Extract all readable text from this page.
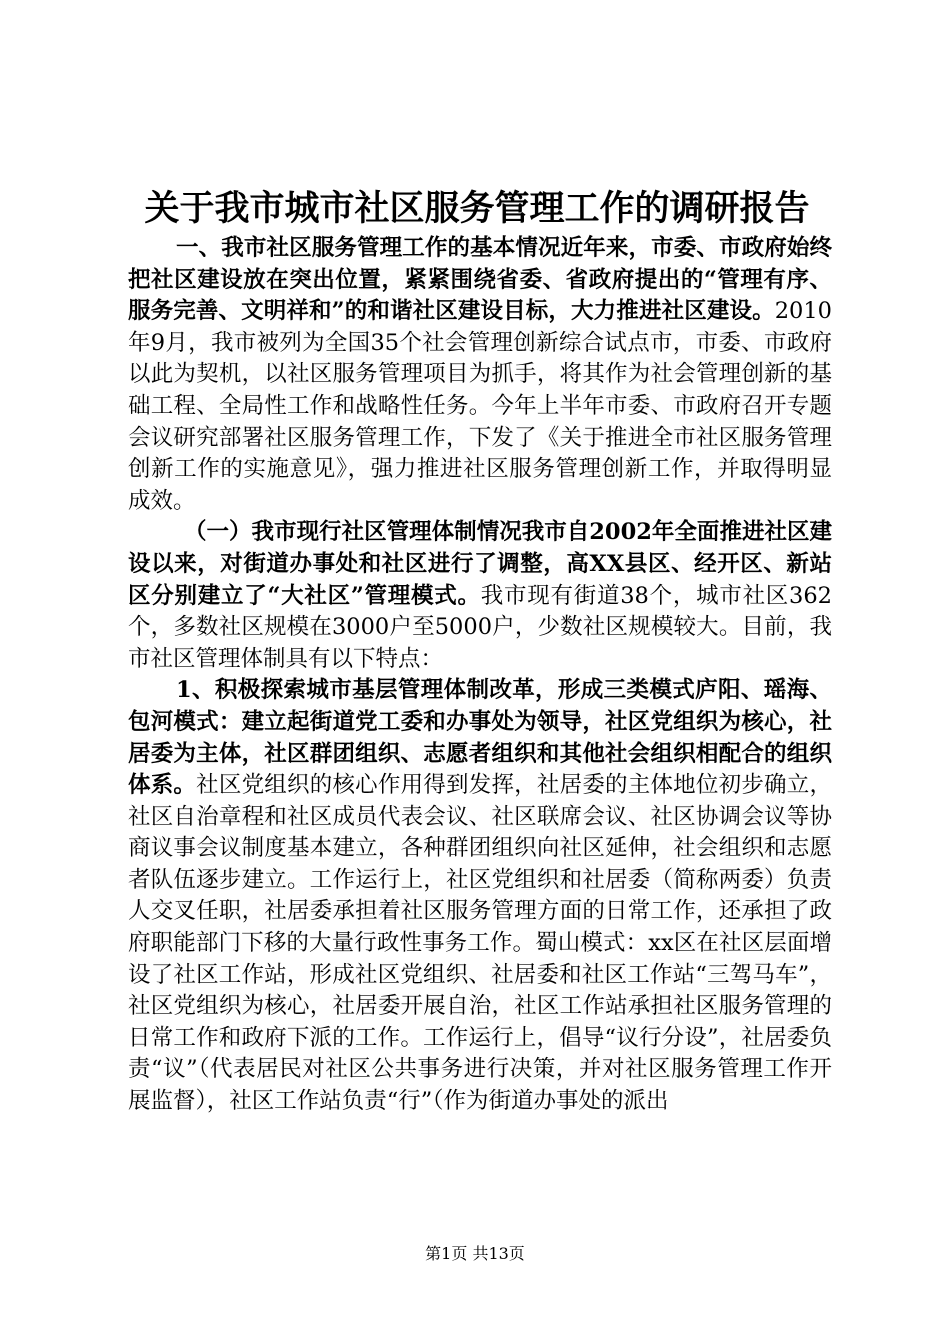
关于我市城市社区服务管理工作的调研报告

一、我市社区服务管理工作的基本情况近年来，市委、市政府始终把社区建设放在突出位置，紧紧围绕省委、省政府提出的“管理有序、服务完善、文明祥和”的和谐社区建设目标，大力推进社区建设。2010年9月，我市被列为全国35个社会管理创新综合试点市，市委、市政府以此为契机，以社区服务管理项目为抓手，将其作为社会管理创新的基础工程、全局性工作和战略性任务。今年上半年市委、市政府召开专题会议研究部署社区服务管理工作，下发了《关于推进全市社区服务管理创新工作的实施意见》，强力推进社区服务管理创新工作，并取得明显成效。

（一）我市现行社区管理体制情况我市自2002年全面推进社区建设以来，对街道办事处和社区进行了调整，高XX县区、经开区、新站区分别建立了“大社区”管理模式。我市现有街道38个，城市社区362个，多数社区规模在3000户至5000户，少数社区规模较大。目前，我市社区管理体制具有以下特点：

1、积极探索城市基层管理体制改革，形成三类模式庐阳、瑶海、包河模式：建立起街道党工委和办事处为领导，社区党组织为核心，社居委为主体，社区群团组织、志愿者组织和其他社会组织相配合的组织体系。社区党组织的核心作用得到发挥，社居委的主体地位初步确立，社区自治章程和社区成员代表会议、社区联席会议、社区协调会议等协商议事会议制度基本建立，各种群团组织向社区延伸，社会组织和志愿者队伍逐步建立。工作运行上，社区党组织和社居委（简称两委）负责人交叉任职，社居委承担着社区服务管理方面的日常工作，还承担了政府职能部门下移的大量行政性事务工作。蜀山模式：xx区在社区层面增设了社区工作站，形成社区党组织、社居委和社区工作站“三驾马车”，社区党组织为核心，社居委开展自治，社区工作站承担社区服务管理的日常工作和政府下派的工作。工作运行上，倡导“议行分设”，社居委负责“议”（代表居民对社区公共事务进行决策，并对社区服务管理工作开展监督），社区工作站负责“行”（作为街道办事处的派出

第1页 共13页
